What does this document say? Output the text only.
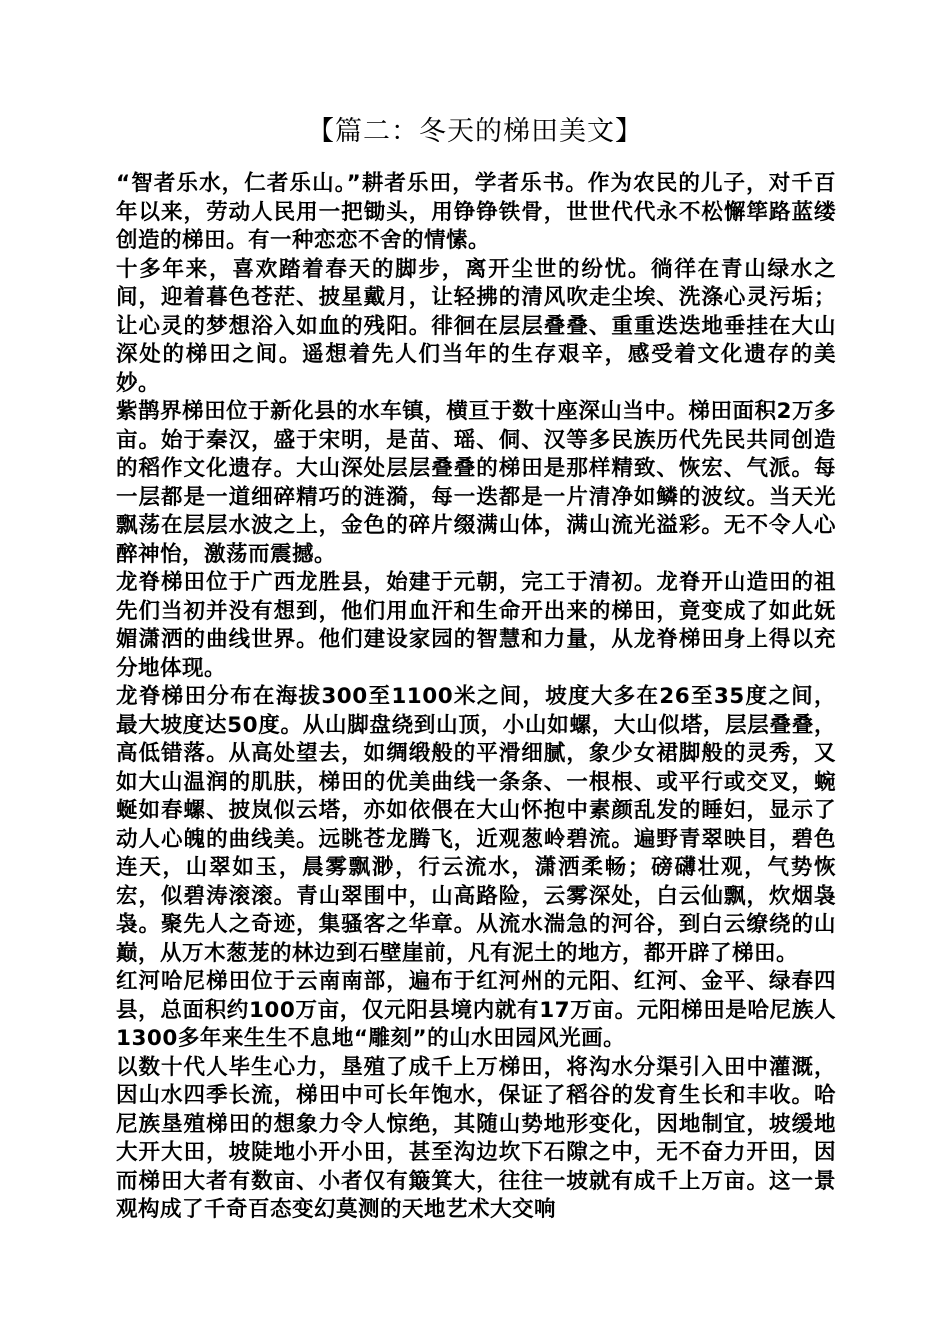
【篇二：冬天的梯田美文】

“智者乐水，仁者乐山。”耕者乐田，学者乐书。作为农民的儿子，对千百年以来，劳动人民用一把锄头，用铮铮铁骨，世世代代永不松懈筚路蓝缕创造的梯田。有一种恋恋不舍的情愫。

十多年来，喜欢踏着春天的脚步，离开尘世的纷忧。徜徉在青山绿水之间，迎着暮色苍茫、披星戴月，让轻拂的清风吹走尘埃、洗涤心灵污垢；让心灵的梦想浴入如血的残阳。徘徊在层层叠叠、重重迭迭地垂挂在大山深处的梯田之间。遥想着先人们当年的生存艰辛，感受着文化遗存的美妙。

紫鹊界梯田位于新化县的水车镇，横亘于数十座深山当中。梯田面积2万多亩。始于秦汉，盛于宋明，是苗、瑶、侗、汉等多民族历代先民共同创造的稻作文化遗存。大山深处层层叠叠的梯田是那样精致、恢宏、气派。每一层都是一道细碎精巧的涟漪，每一迭都是一片清净如鳞的波纹。当天光飘荡在层层水波之上，金色的碎片缀满山体，满山流光溢彩。无不令人心醉神怡，激荡而震撼。

龙脊梯田位于广西龙胜县，始建于元朝，完工于清初。龙脊开山造田的祖先们当初并没有想到，他们用血汗和生命开出来的梯田，竟变成了如此妩媚潇洒的曲线世界。他们建设家园的智慧和力量，从龙脊梯田身上得以充分地体现。

龙脊梯田分布在海拔300至1100米之间，坡度大多在26至35度之间，最大坡度达50度。从山脚盘绕到山顶，小山如螺，大山似塔，层层叠叠，高低错落。从高处望去，如绸缎般的平滑细腻，象少女裙脚般的灵秀，又如大山温润的肌肤，梯田的优美曲线一条条、一根根、或平行或交叉，蜿蜒如春螺、披岚似云塔，亦如依偎在大山怀抱中素颜乱发的睡妇，显示了动人心魄的曲线美。远眺苍龙腾飞，近观葱岭碧流。遍野青翠映目，碧色连天，山翠如玉，晨雾飘渺，行云流水，潇洒柔畅；磅礴壮观，气势恢宏，似碧涛滚滚。青山翠围中，山高路险，云雾深处，白云仙飘，炊烟袅袅。聚先人之奇迹，集骚客之华章。从流水湍急的河谷，到白云缭绕的山巅，从万木葱茏的林边到石壁崖前，凡有泥土的地方，都开辟了梯田。

红河哈尼梯田位于云南南部，遍布于红河州的元阳、红河、金平、绿春四县，总面积约100万亩，仅元阳县境内就有17万亩。元阳梯田是哈尼族人1300多年来生生不息地“雕刻”的山水田园风光画。

以数十代人毕生心力，垦殖了成千上万梯田，将沟水分渠引入田中灌溉，因山水四季长流，梯田中可长年饱水，保证了稻谷的发育生长和丰收。哈尼族垦殖梯田的想象力令人惊绝，其随山势地形变化，因地制宜，坡缓地大开大田，坡陡地小开小田，甚至沟边坎下石隙之中，无不奋力开田，因而梯田大者有数亩、小者仅有簸箕大，往往一坡就有成千上万亩。这一景观构成了千奇百态变幻莫测的天地艺术大交响
